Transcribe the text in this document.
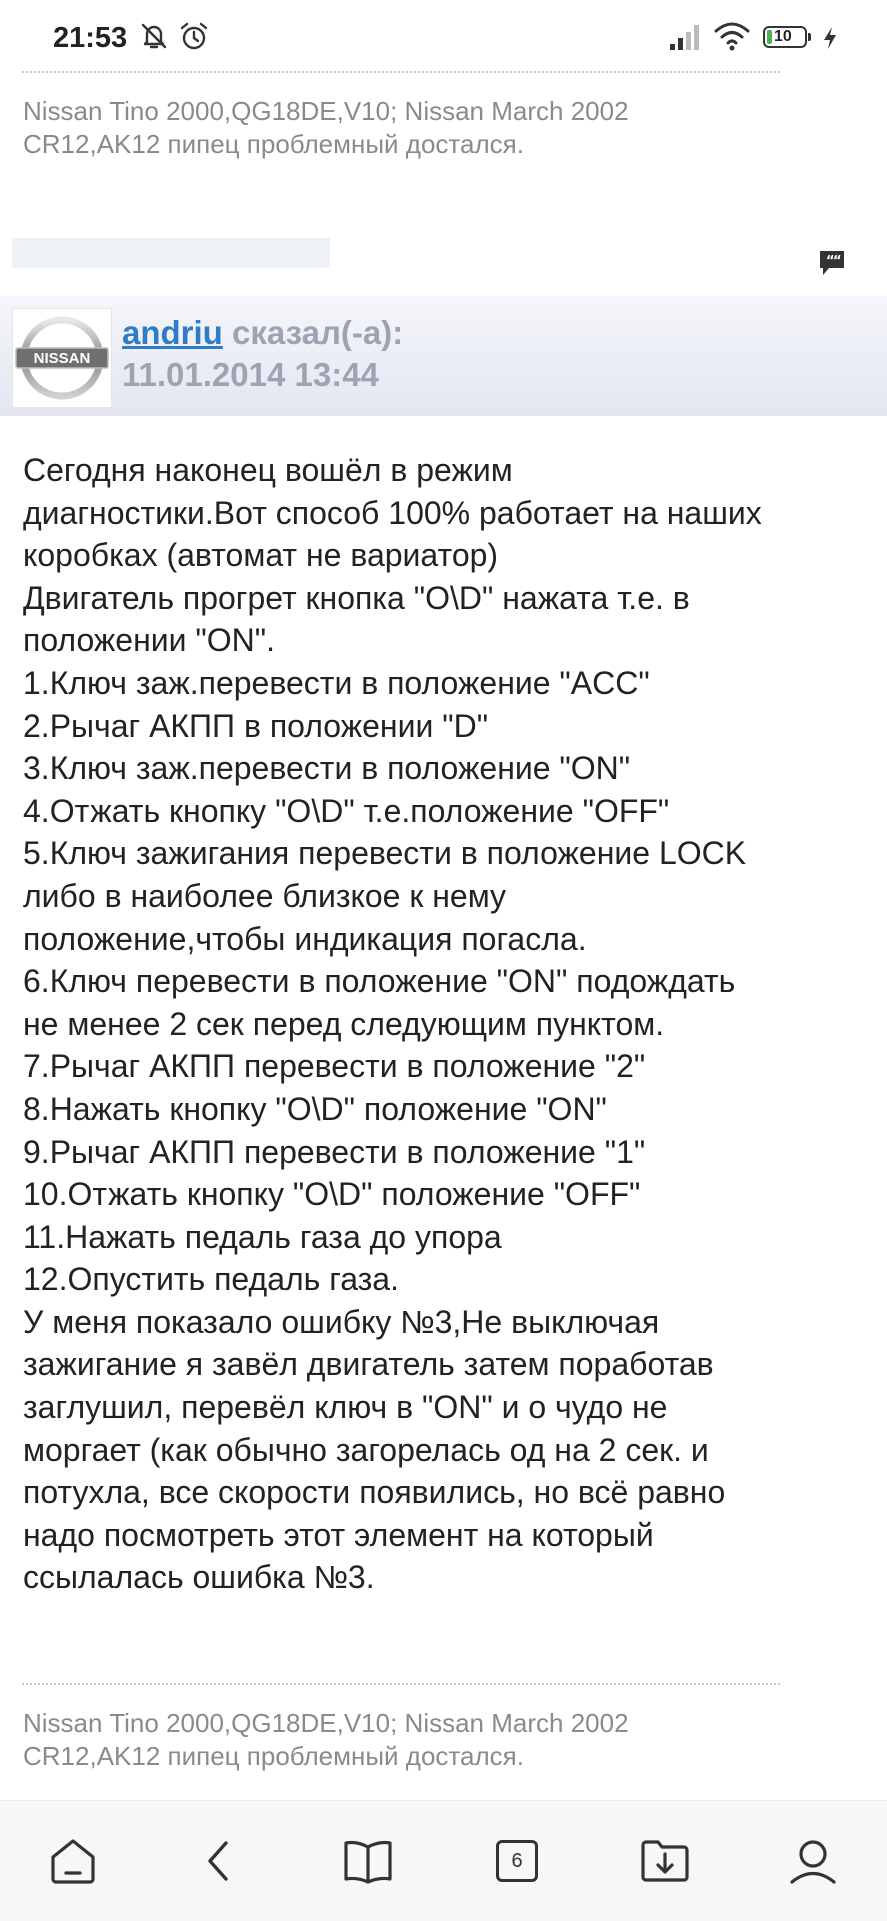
21:53	10
Nissan Tino 2000,QG18DE,V10; Nissan March 2002
CR12,AK12 пипец проблемный достался.
“
“
NISSAN
andriu сказал(-а):
11.01.2014 13:44
Сегодня наконец вошёл в режим
диагностики.Вот способ 100% работает на наших
коробках (автомат не вариатор)
Двигатель прогрет кнопка "O\D" нажата т.е. в
положении "ON".
1.Ключ заж.перевести в положение "ACC"
2.Рычаг АКПП в положении "D"
3.Ключ заж.перевести в положение "ON"
4.Отжать кнопку "O\D" т.е.положение "OFF"
5.Ключ зажигания перевести в положение LOCK
либо в наиболее близкое к нему
положение,чтобы индикация погасла.
6.Ключ перевести в положение "ON" подождать
не менее 2 сек перед следующим пунктом.
7.Рычаг АКПП перевести в положение "2"
8.Нажать кнопку "O\D" положение "ON"
9.Рычаг АКПП перевести в положение "1"
10.Отжать кнопку "O\D" положение "OFF"
11.Нажать педаль газа до упора
12.Опустить педаль газа.
У меня показало ошибку №3,Не выключая
зажигание я завёл двигатель затем поработав
заглушил, перевёл ключ в "ON" и о чудо не
моргает (как обычно загорелась од на 2 сек. и
потухла, все скорости появились, но всё равно
надо посмотреть этот элемент на который
ссылалась ошибка №3.
Nissan Tino 2000,QG18DE,V10; Nissan March 2002
CR12,AK12 пипец проблемный достался.
6
